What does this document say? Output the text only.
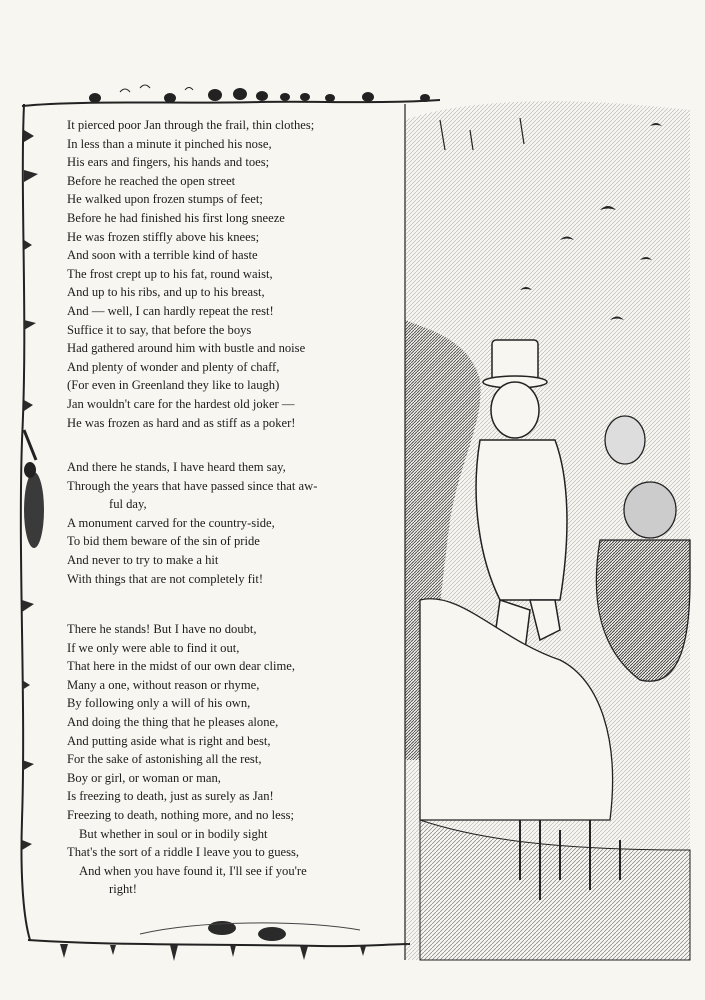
It pierced poor Jan through the frail, thin clothes;
In less than a minute it pinched his nose,
His ears and fingers, his hands and toes;
Before he reached the open street
He walked upon frozen stumps of feet;
Before he had finished his first long sneeze
He was frozen stiffly above his knees;
And soon with a terrible kind of haste
The frost crept up to his fat, round waist,
And up to his ribs, and up to his breast,
And — well, I can hardly repeat the rest!
Suffice it to say, that before the boys
Had gathered around him with bustle and noise
And plenty of wonder and plenty of chaff,
(For even in Greenland they like to laugh)
Jan wouldn't care for the hardest old joker —
He was frozen as hard and as stiff as a poker!
And there he stands, I have heard them say,
Through the years that have passed since that aw-
ful day,
A monument carved for the country-side,
To bid them beware of the sin of pride
And never to try to make a hit
With things that are not completely fit!
There he stands! But I have no doubt,
If we only were able to find it out,
That here in the midst of our own dear clime,
Many a one, without reason or rhyme,
By following only a will of his own,
And doing the thing that he pleases alone,
And putting aside what is right and best,
For the sake of astonishing all the rest,
Boy or girl, or woman or man,
Is freezing to death, just as surely as Jan!
Freezing to death, nothing more, and no less;
But whether in soul or in bodily sight
That's the sort of a riddle I leave you to guess,
And when you have found it, I'll see if you're
right!
